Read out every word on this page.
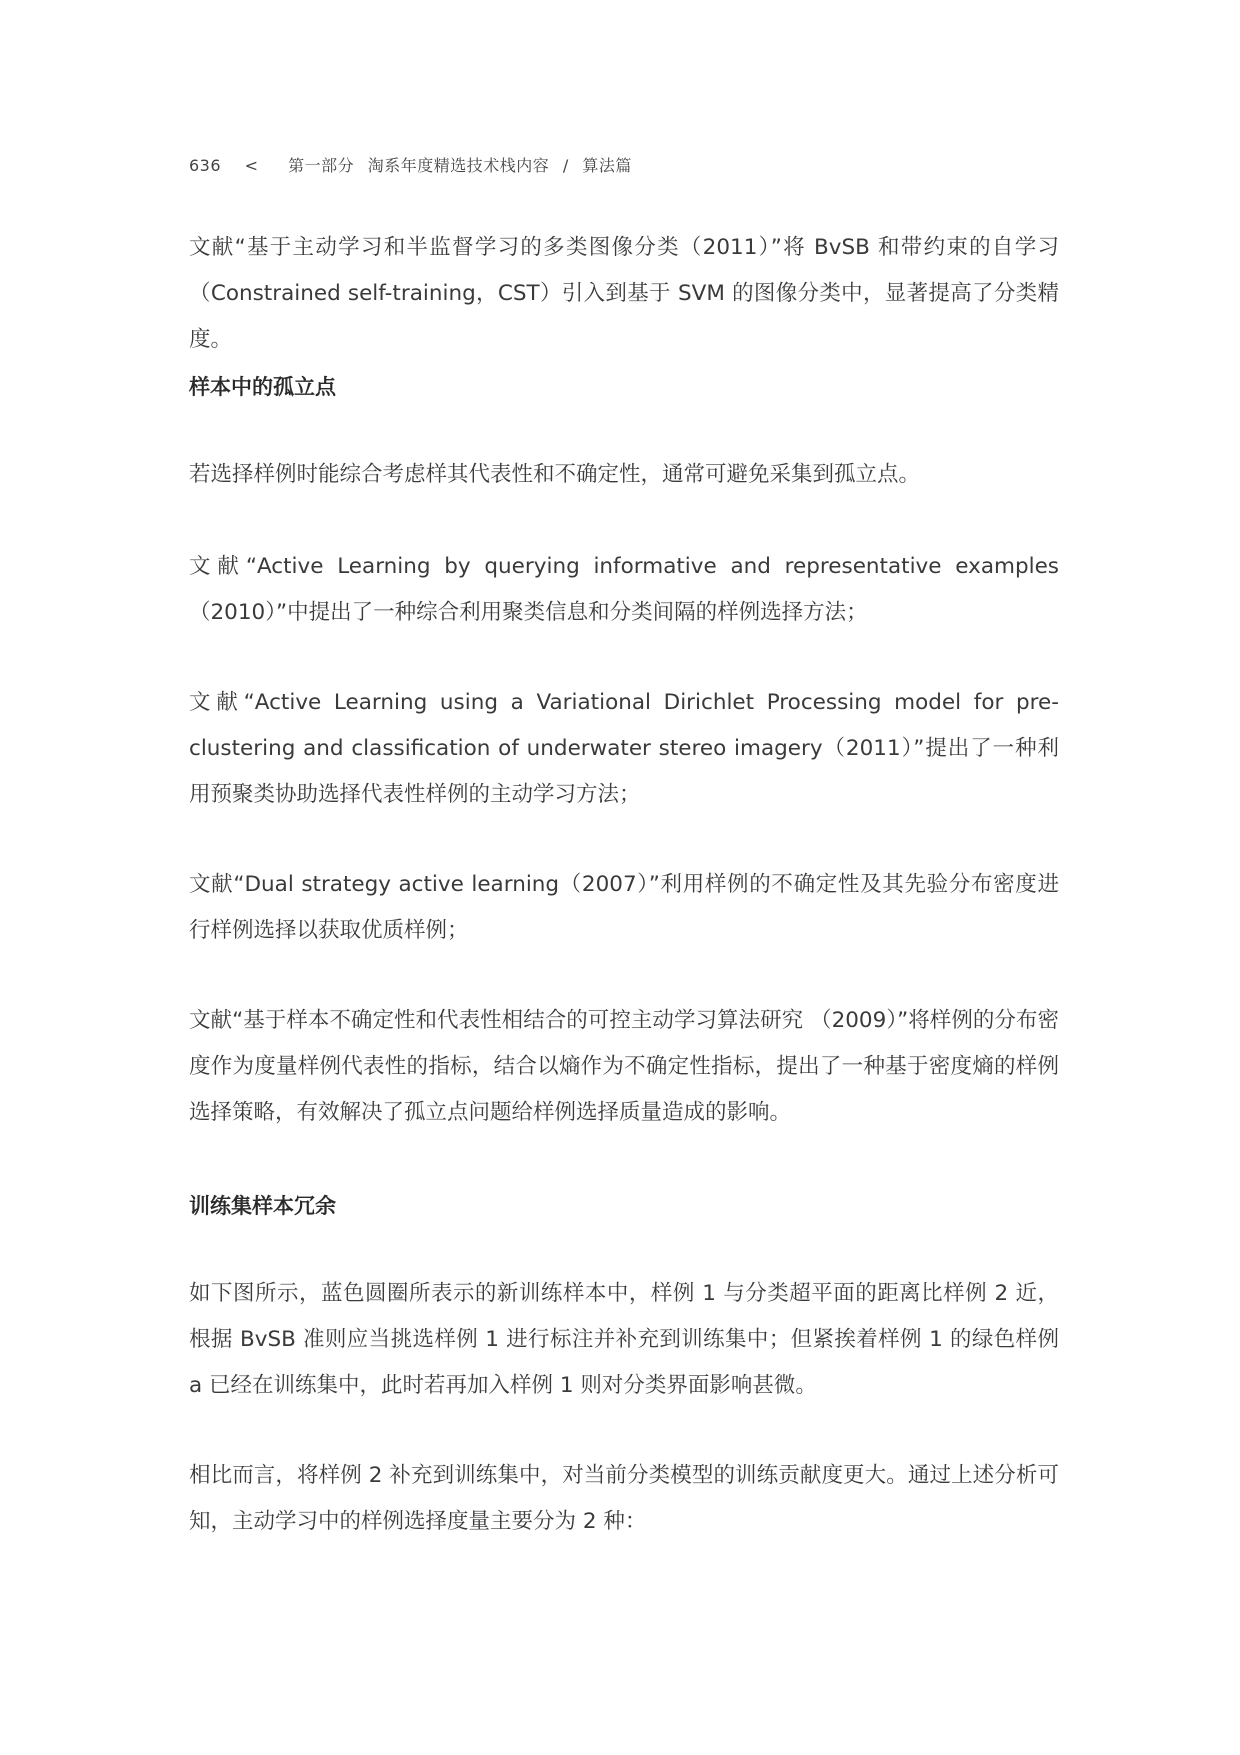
636 < 第一部分 淘系年度精选技术栈内容 / 算法篇
文献“基于主动学习和半监督学习的多类图像分类（2011）”将 BvSB 和带约束的自学习（Constrained self-training，CST）引入到基于 SVM 的图像分类中，显著提高了分类精度。
样本中的孤立点
若选择样例时能综合考虑样其代表性和不确定性，通常可避免采集到孤立点。
文献“Active Learning by querying informative and representative examples（2010）”中提出了一种综合利用聚类信息和分类间隔的样例选择方法；
文献“Active Learning using a Variational Dirichlet Processing model for pre-clustering and classification of underwater stereo imagery（2011）”提出了一种利用预聚类协助选择代表性样例的主动学习方法；
文献“Dual strategy active learning（2007）”利用样例的不确定性及其先验分布密度进行样例选择以获取优质样例；
文献“基于样本不确定性和代表性相结合的可控主动学习算法研究 （2009）”将样例的分布密度作为度量样例代表性的指标，结合以熵作为不确定性指标，提出了一种基于密度熵的样例选择策略，有效解决了孤立点问题给样例选择质量造成的影响。
训练集样本冗余
如下图所示，蓝色圆圈所表示的新训练样本中，样例 1 与分类超平面的距离比样例 2 近，根据 BvSB 准则应当挑选样例 1 进行标注并补充到训练集中；但紧挨着样例 1 的绿色样例 a 已经在训练集中，此时若再加入样例 1 则对分类界面影响甚微。
相比而言，将样例 2 补充到训练集中，对当前分类模型的训练贡献度更大。通过上述分析可知，主动学习中的样例选择度量主要分为 2 种：
